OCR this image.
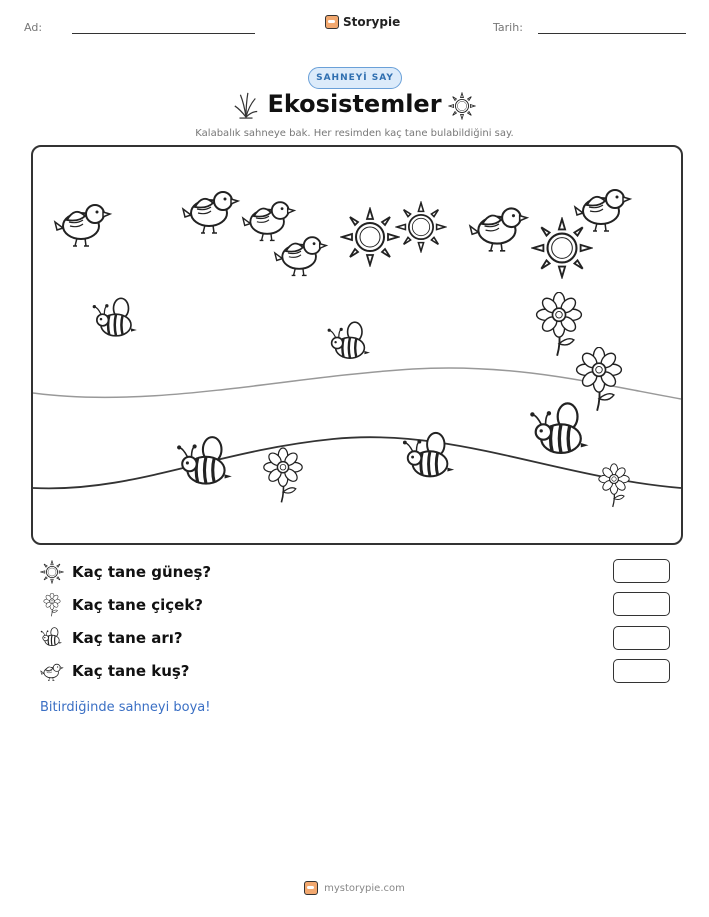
Ad:	Storypie	Tarih:
SAHNEYİ SAY
Ekosistemler
Kalabalık sahneye bak. Her resimden kaç tane bulabildiğini say.
Kaç tane güneş?
Kaç tane çiçek?
Kaç tane arı?
Kaç tane kuş?
Bitirdiğinde sahneyi boya!
mystorypie.com
